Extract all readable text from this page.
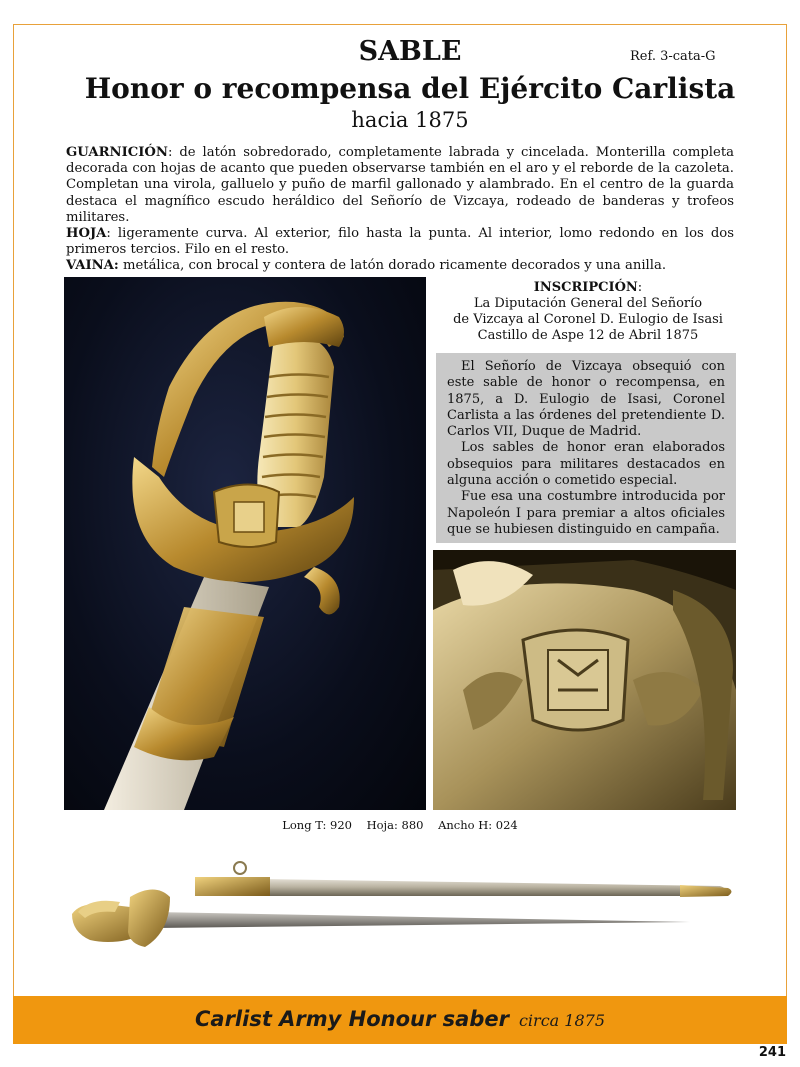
SABLE	Ref. 3-cata-G
Honor o recompensa del Ejército Carlista
hacia 1875

GUARNICIÓN: de latón sobredorado, completamente labrada y cincelada. Monterilla completa decorada con hojas de acanto que pueden observarse también en el aro y el reborde de la cazoleta. Completan una virola, galluelo y puño de marfil gallonado y alambrado. En el centro de la guarda destaca el magnífico escudo heráldico del Señorío de Vizcaya, rodeado de banderas y trofeos militares.

HOJA: ligeramente curva. Al exterior, filo hasta la punta. Al interior, lomo redondo en los dos primeros tercios. Filo en el resto.

VAINA: metálica, con brocal y contera de latón dorado ricamente decorados y una anilla.

INSCRIPCIÓN:
La Diputación General del Señorío
de Vizcaya al Coronel D. Eulogio de Isasi
Castillo de Aspe 12 de Abril 1875

El Señorío de Vizcaya obsequió con este sable de honor o recompensa, en 1875, a D. Eulogio de Isasi, Coronel Carlista a las órdenes del pretendiente D. Carlos VII, Duque de Madrid.

Los sables de honor eran elaborados obsequios para militares destacados en alguna acción o cometido especial.

Fue esa una costumbre introducida por Napoleón I para premiar a altos oficiales que se hubiesen distinguido en campaña.

Long T: 920    Hoja: 880    Ancho H: 024
Carlist Army Honour saber circa 1875
241
